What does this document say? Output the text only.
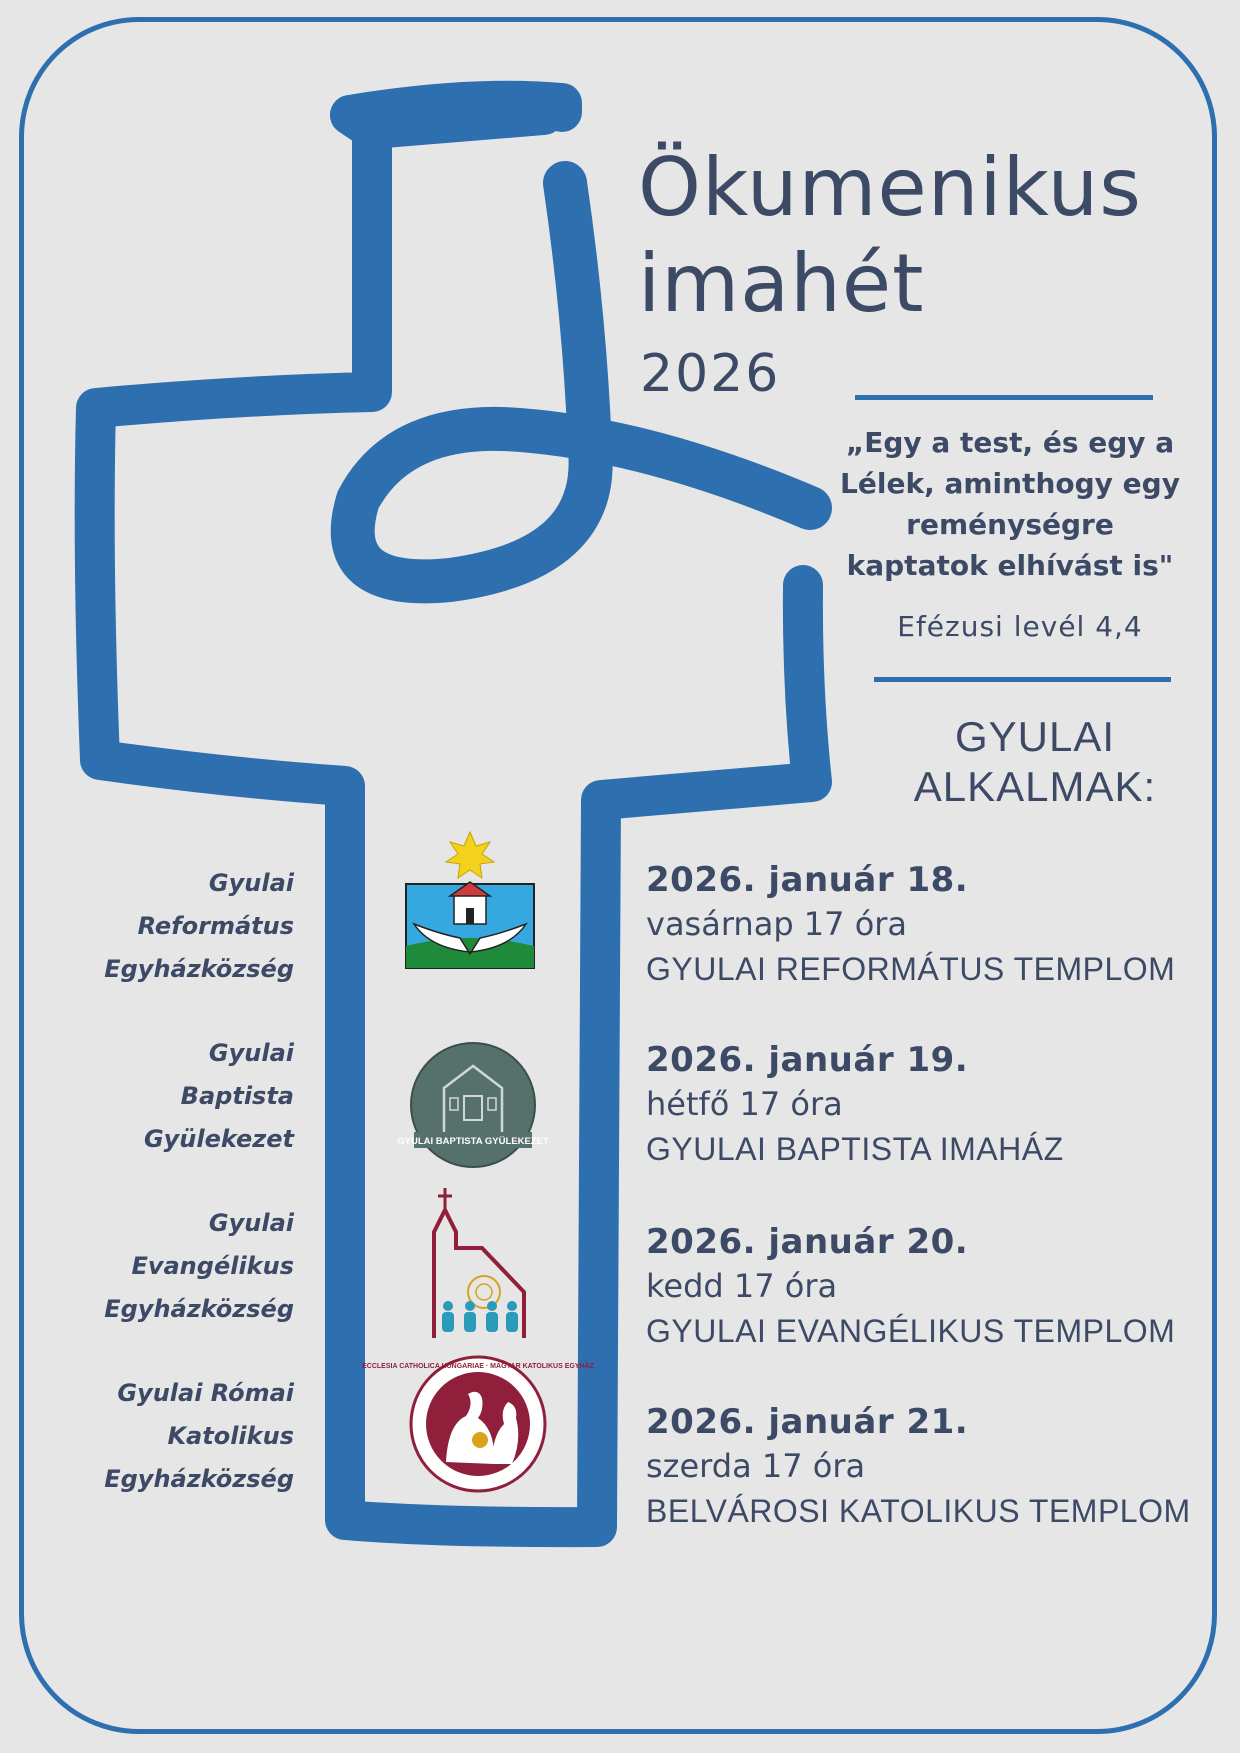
Ökumenikus
imahét
2026
„Egy a test, és egy a
Lélek, aminthogy egy
reménységre
kaptatok elhívást is"
Efézusi levél 4,4
GYULAI
ALKALMAK:
Gyulai
Református
Egyházközség
Gyulai
Baptista
Gyülekezet
Gyulai
Evangélikus
Egyházközség
Gyulai Római
Katolikus
Egyházközség
GYULAI BAPTISTA GYÜLEKEZET
ECCLESIA CATHOLICA HUNGARIAE · MAGYAR KATOLIKUS EGYHÁZ
2026. január 18.
vasárnap 17 óra
GYULAI REFORMÁTUS TEMPLOM
2026. január 19.
hétfő 17 óra
GYULAI BAPTISTA IMAHÁZ
2026. január 20.
kedd 17 óra
GYULAI EVANGÉLIKUS TEMPLOM
2026. január 21.
szerda 17 óra
BELVÁROSI KATOLIKUS TEMPLOM
